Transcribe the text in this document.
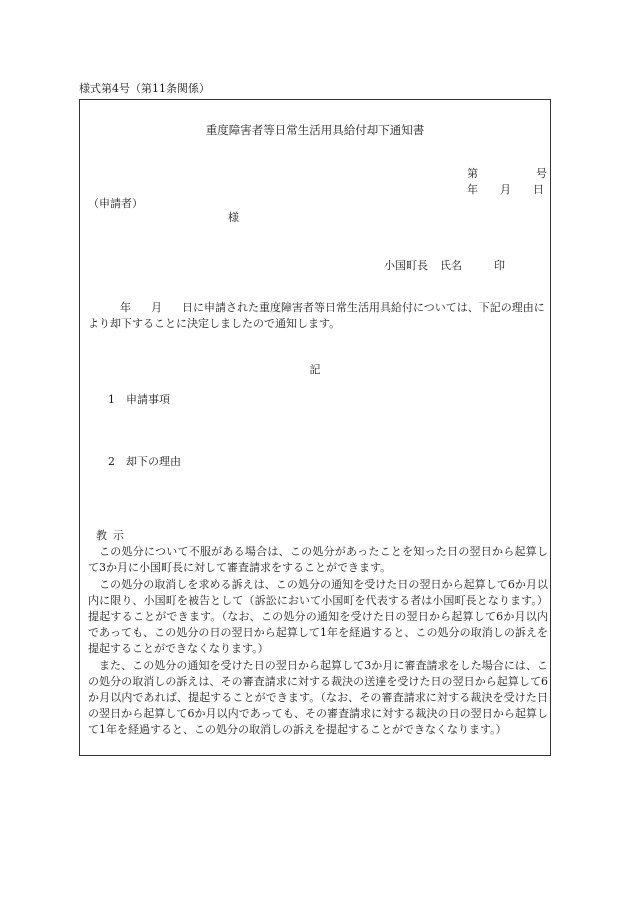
様式第4号（第11条関係）
重度障害者等日常生活用具給付却下通知書
第	号
年 月 日
（申請者）
様
小国町長 氏名	印
年 月 日に申請された重度障害者等日常生活用具給付については、下記の理由により却下することに決定しましたので通知します。
記
1 申請事項
2 却下の理由
教示

この処分について不服がある場合は、この処分があったことを知った日の翌日から起算して3か月に小国町長に対して審査請求をすることができます。

この処分の取消しを求める訴えは、この処分の通知を受けた日の翌日から起算して6か月以内に限り、小国町を被告として（訴訟において小国町を代表する者は小国町長となります。）提起することができます。（なお、この処分の通知を受けた日の翌日から起算して6か月以内であっても、この処分の日の翌日から起算して1年を経過すると、この処分の取消しの訴えを提起することができなくなります。）

また、この処分の通知を受けた日の翌日から起算して3か月に審査請求をした場合には、この処分の取消しの訴えは、その審査請求に対する裁決の送達を受けた日の翌日から起算して6か月以内であれば、提起することができます。（なお、その審査請求に対する裁決を受けた日の翌日から起算して6か月以内であっても、その審査請求に対する裁決の日の翌日から起算して1年を経過すると、この処分の取消しの訴えを提起することができなくなります。）
